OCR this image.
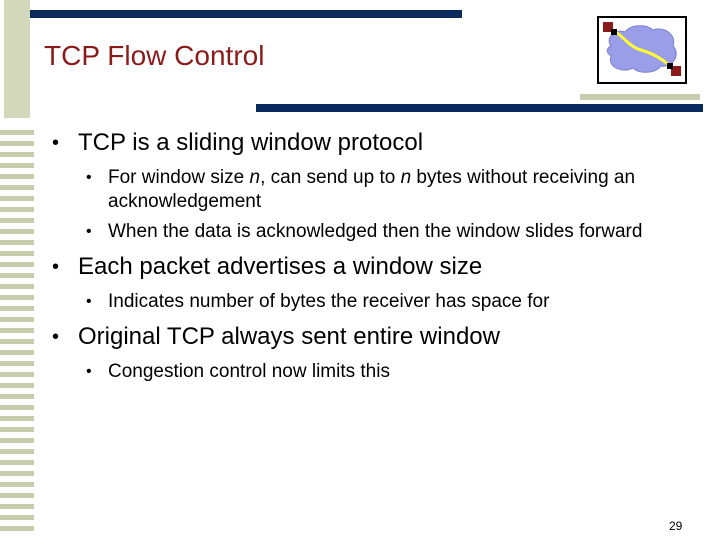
TCP Flow Control
• TCP is a sliding window protocol
• For window size n, can send up to n bytes without receiving an acknowledgement
• When the data is acknowledged then the window slides forward
• Each packet advertises a window size
• Indicates number of bytes the receiver has space for
• Original TCP always sent entire window
• Congestion control now limits this
29
